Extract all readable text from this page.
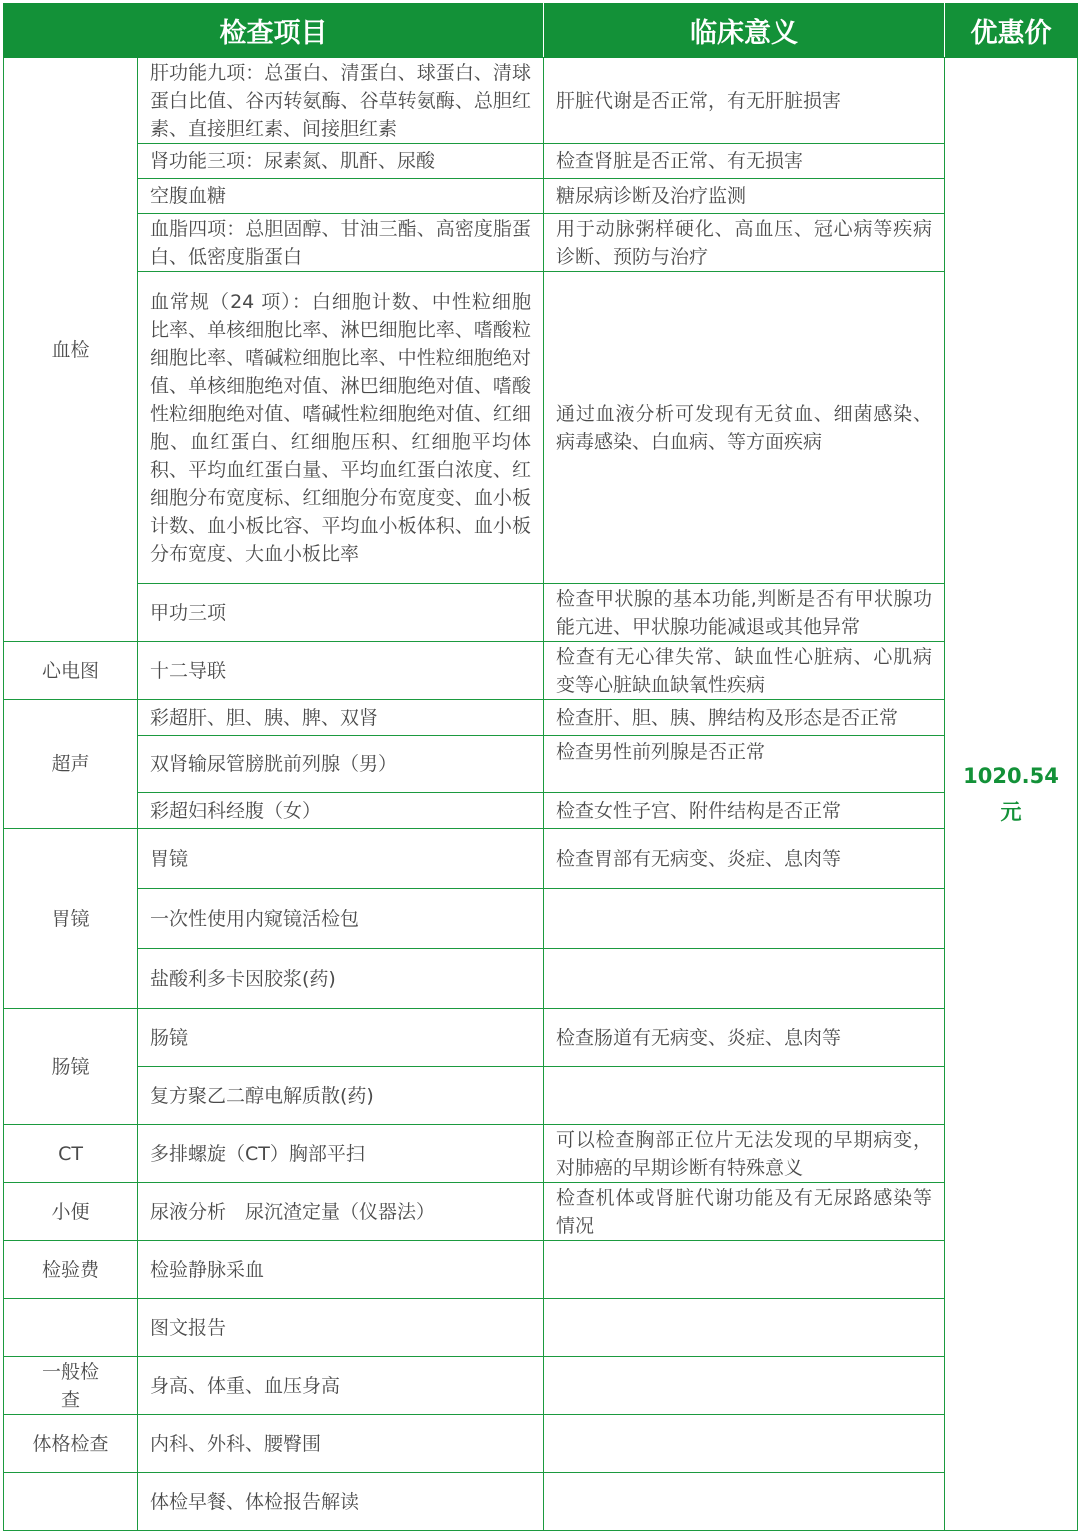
检查项目		临床意义	优惠价
血检	肝功能九项：总蛋白、清蛋白、球蛋白、清球蛋白比值、谷丙转氨酶、谷草转氨酶、总胆红素、直接胆红素、间接胆红素	肝脏代谢是否正常，有无肝脏损害	1020.54
元

	肾功能三项：尿素氮、肌酐、尿酸	检查肾脏是否正常、有无损害	
	空腹血糖	糖尿病诊断及治疗监测	
	血脂四项：总胆固醇、甘油三酯、高密度脂蛋白、低密度脂蛋白	用于动脉粥样硬化、高血压、冠心病等疾病诊断、预防与治疗	
	血常规（24 项）：白细胞计数、中性粒细胞比率、单核细胞比率、淋巴细胞比率、嗜酸粒细胞比率、嗜碱粒细胞比率、中性粒细胞绝对值、单核细胞绝对值、淋巴细胞绝对值、嗜酸性粒细胞绝对值、嗜碱性粒细胞绝对值、红细胞、血红蛋白、红细胞压积、红细胞平均体积、平均血红蛋白量、平均血红蛋白浓度、红细胞分布宽度标、红细胞分布宽度变、血小板计数、血小板比容、平均血小板体积、血小板分布宽度、大血小板比率	通过血液分析可发现有无贫血、细菌感染、病毒感染、白血病、等方面疾病	
	甲功三项	检查甲状腺的基本功能,判断是否有甲状腺功能亢进、甲状腺功能减退或其他异常	
心电图	十二导联	检查有无心律失常、缺血性心脏病、心肌病变等心脏缺血缺氧性疾病	
超声	彩超肝、胆、胰、脾、双肾	检查肝、胆、胰、脾结构及形态是否正常	
	双肾输尿管膀胱前列腺（男）	检查男性前列腺是否正常	
	彩超妇科经腹（女）	检查女性子宫、附件结构是否正常	
胃镜	胃镜	检查胃部有无病变、炎症、息肉等	
	一次性使用内窥镜活检包		
	盐酸利多卡因胶浆(药)		
肠镜	肠镜	检查肠道有无病变、炎症、息肉等	
	复方聚乙二醇电解质散(药)		
CT	多排螺旋（CT）胸部平扫	可以检查胸部正位片无法发现的早期病变，对肺癌的早期诊断有特殊意义	
小便	尿液分析　尿沉渣定量（仪器法）	检查机体或肾脏代谢功能及有无尿路感染等情况	
检验费	检验静脉采血		
	图文报告		
一般检查	身高、体重、血压身高		
体格检查	内科、外科、腰臀围		
	体检早餐、体检报告解读		
